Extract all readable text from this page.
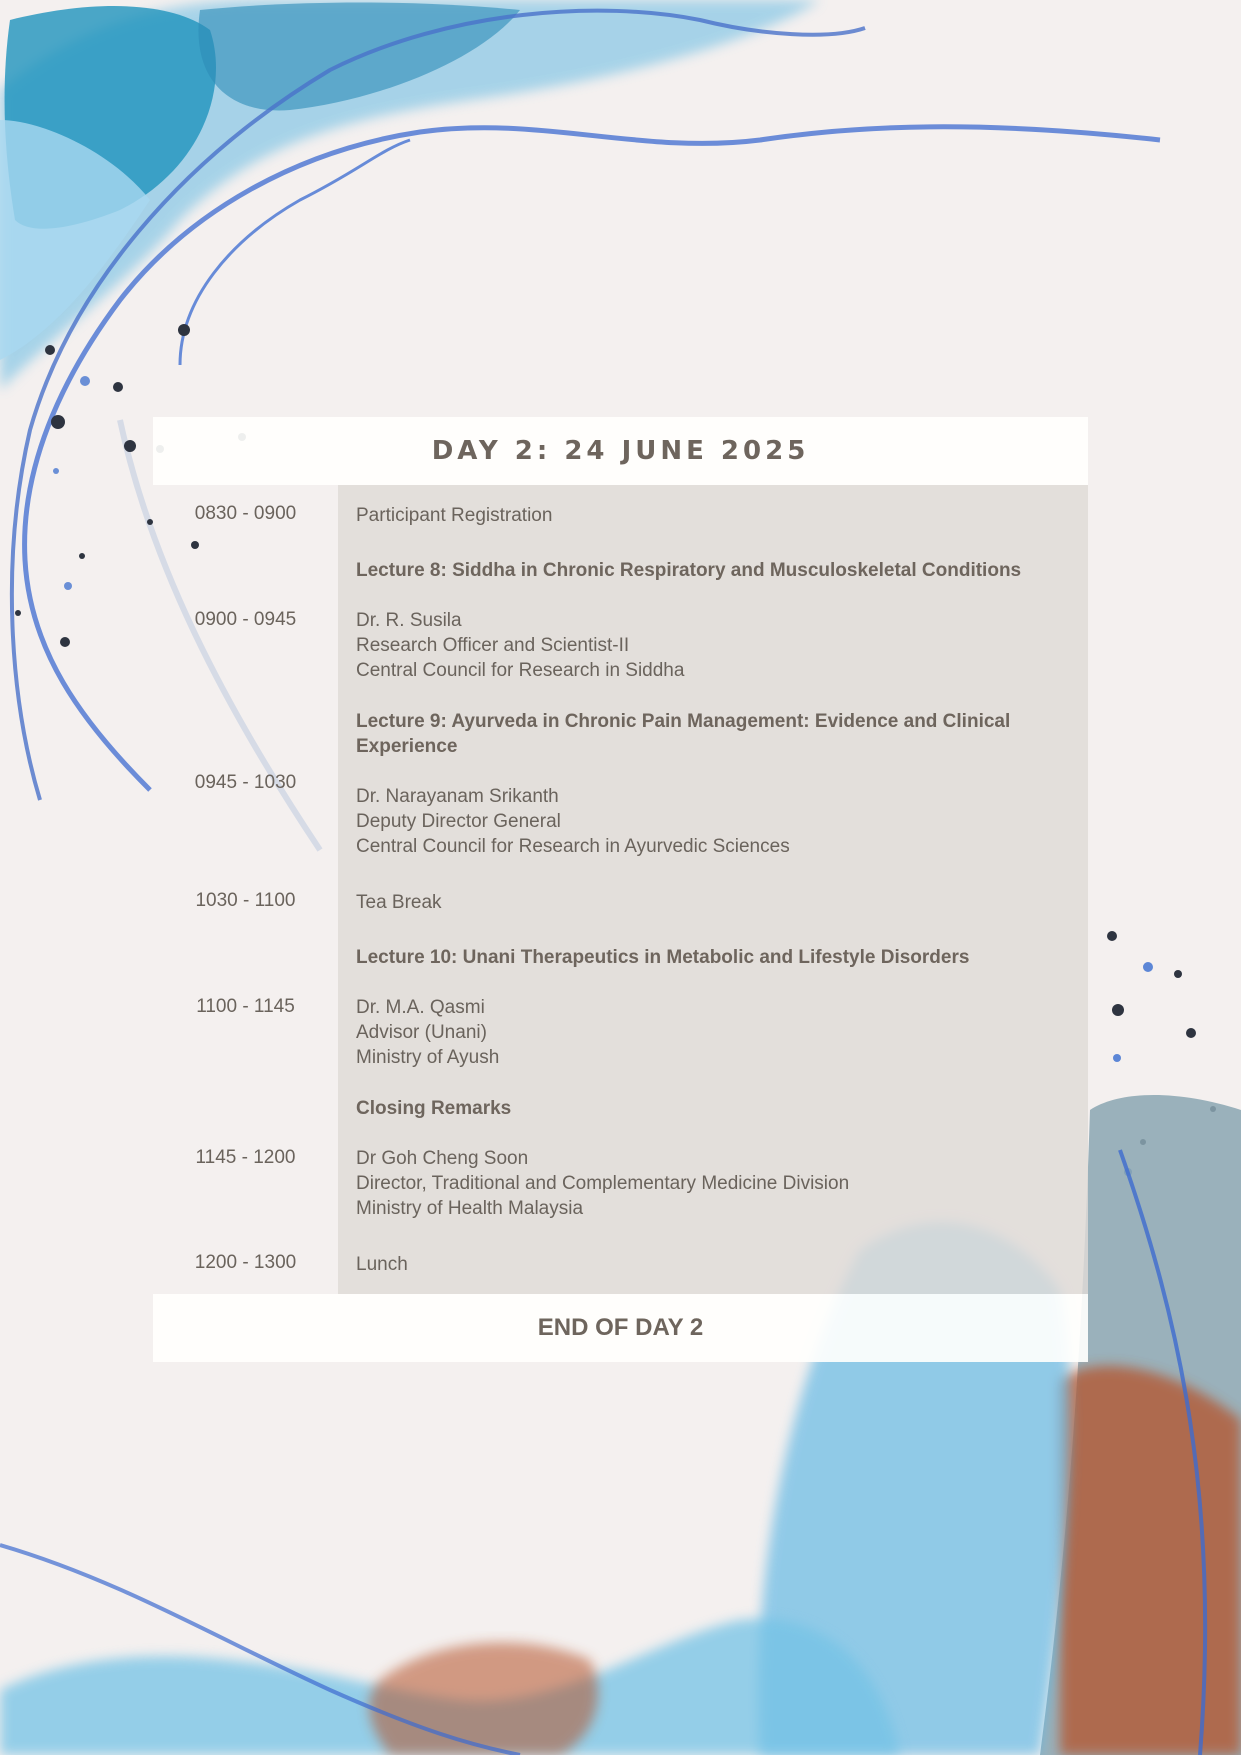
DAY 2: 24 JUNE 2025
0830 - 0900	Participant Registration
0900 - 0945
Lecture 8: Siddha in Chronic Respiratory and Musculoskeletal Conditions
Dr. R. Susila
Research Officer and Scientist-II
Central Council for Research in Siddha
0945 - 1030
Lecture 9: Ayurveda in Chronic Pain Management: Evidence and Clinical Experience
Dr. Narayanam Srikanth
Deputy Director General
Central Council for Research in Ayurvedic Sciences
1030 - 1100	Tea Break
1100 - 1145
Lecture 10: Unani Therapeutics in Metabolic and Lifestyle Disorders
Dr. M.A. Qasmi
Advisor (Unani)
Ministry of Ayush
1145 - 1200
Closing Remarks
Dr Goh Cheng Soon
Director, Traditional and Complementary Medicine Division
Ministry of Health Malaysia
1200 - 1300	Lunch
END OF DAY 2
